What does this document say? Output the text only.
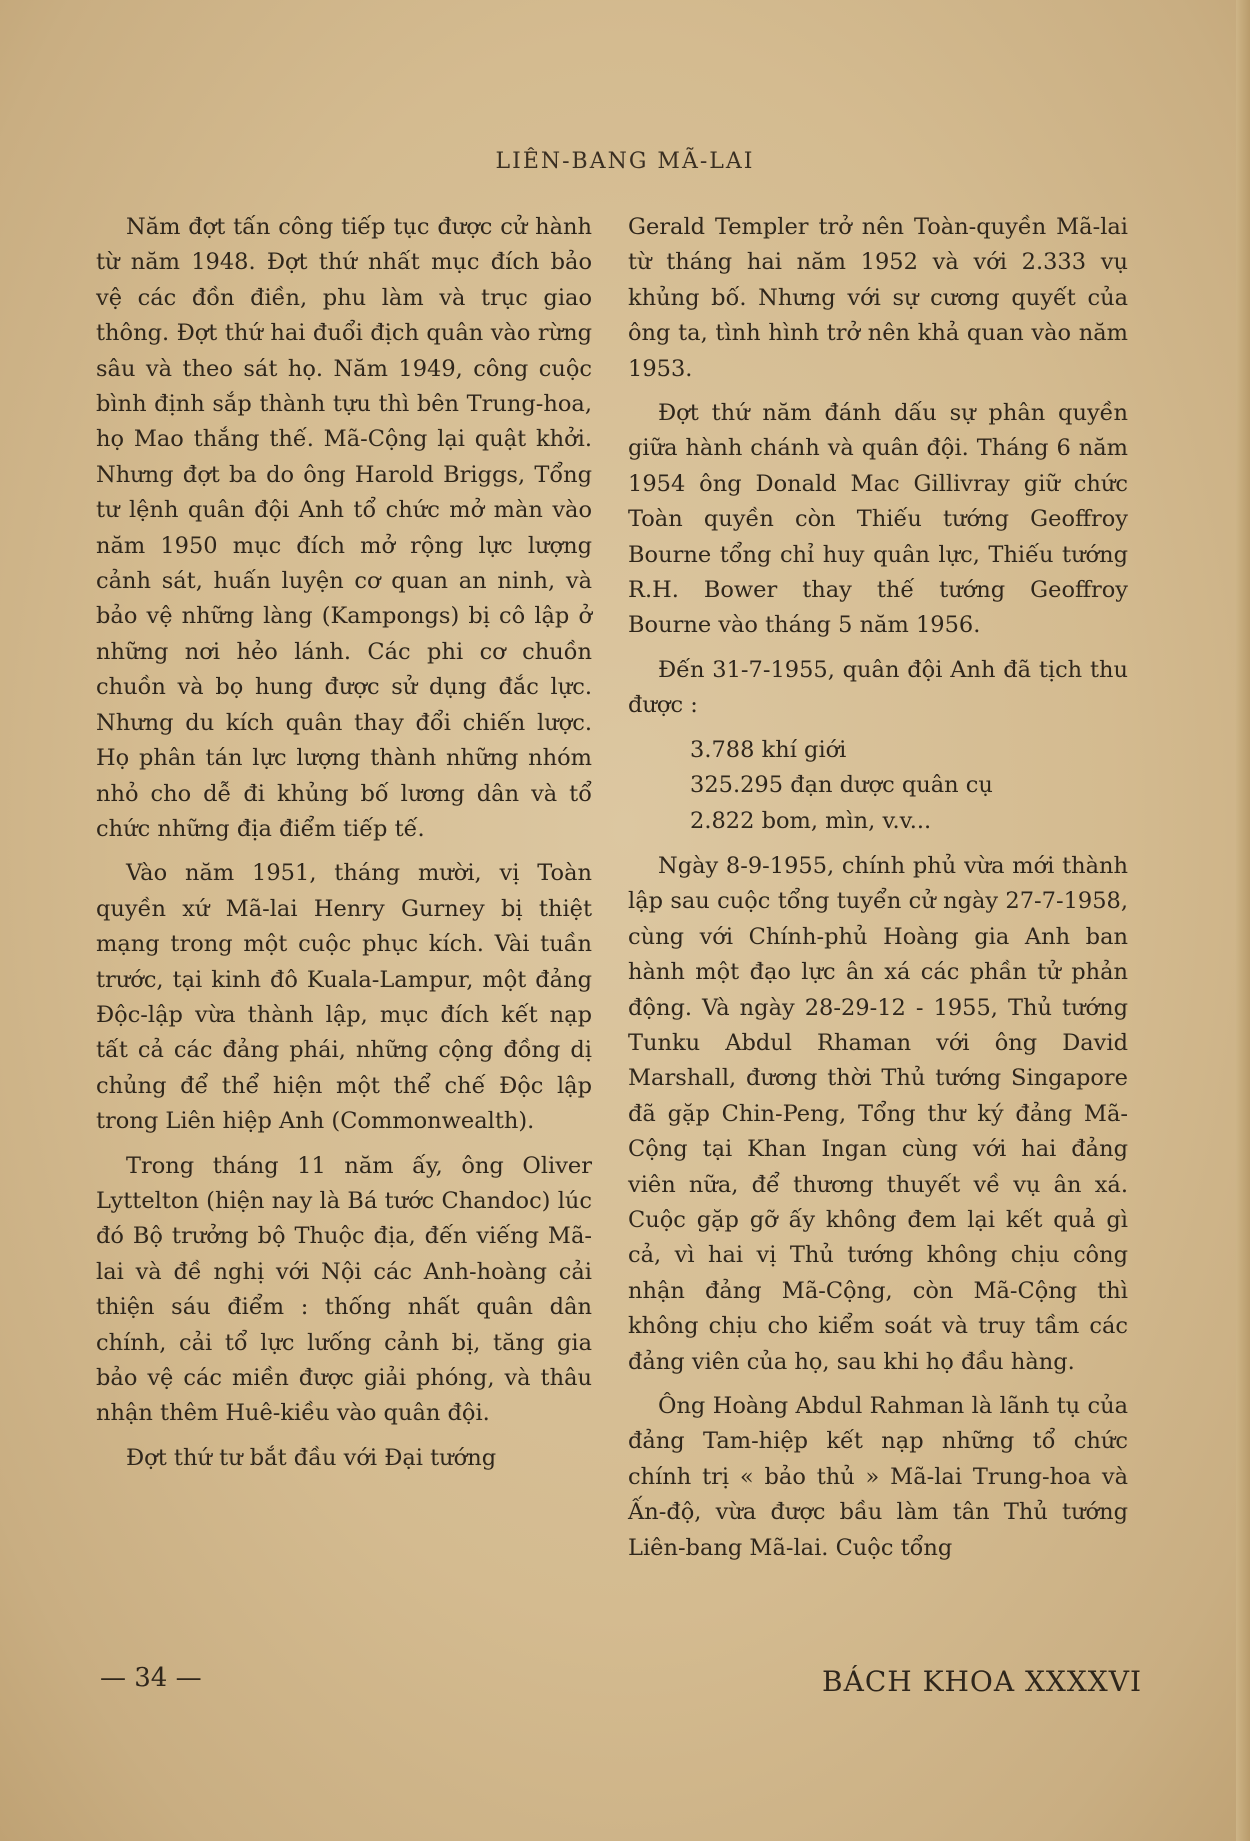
LIÊN-BANG MÃ-LAI

Năm đợt tấn công tiếp tục được cử hành từ năm 1948. Đợt thứ nhất mục đích bảo vệ các đồn điền, phu làm và trục giao thông. Đợt thứ hai đuổi địch quân vào rừng sâu và theo sát họ. Năm 1949, công cuộc bình định sắp thành tựu thì bên Trung-hoa, họ Mao thắng thế. Mã-Cộng lại quật khởi. Nhưng đợt ba do ông Harold Briggs, Tổng tư lệnh quân đội Anh tổ chức mở màn vào năm 1950 mục đích mở rộng lực lượng cảnh sát, huấn luyện cơ quan an ninh, và bảo vệ những làng (Kampongs) bị cô lập ở những nơi hẻo lánh. Các phi cơ chuồn chuồn và bọ hung được sử dụng đắc lực. Nhưng du kích quân thay đổi chiến lược. Họ phân tán lực lượng thành những nhóm nhỏ cho dễ đi khủng bố lương dân và tổ chức những địa điểm tiếp tế.

Vào năm 1951, tháng mười, vị Toàn quyền xứ Mã-lai Henry Gurney bị thiệt mạng trong một cuộc phục kích. Vài tuần trước, tại kinh đô Kuala-Lampur, một đảng Độc-lập vừa thành lập, mục đích kết nạp tất cả các đảng phái, những cộng đồng dị chủng để thể hiện một thể chế Độc lập trong Liên hiệp Anh (Commonwealth).

Trong tháng 11 năm ấy, ông Oliver Lyttelton (hiện nay là Bá tước Chandoc) lúc đó Bộ trưởng bộ Thuộc địa, đến viếng Mã-lai và đề nghị với Nội các Anh-hoàng cải thiện sáu điểm : thống nhất quân dân chính, cải tổ lực lưống cảnh bị, tăng gia bảo vệ các miền được giải phóng, và thâu nhận thêm Huê-kiều vào quân đội.

Đợt thứ tư bắt đầu với Đại tướng

Gerald Templer trở nên Toàn-quyền Mã-lai từ tháng hai năm 1952 và với 2.333 vụ khủng bố. Nhưng với sự cương quyết của ông ta, tình hình trở nên khả quan vào năm 1953.

Đợt thứ năm đánh dấu sự phân quyền giữa hành chánh và quân đội. Tháng 6 năm 1954 ông Donald Mac Gillivray giữ chức Toàn quyền còn Thiếu tướng Geoffroy Bourne tổng chỉ huy quân lực, Thiếu tướng R.H. Bower thay thế tướng Geoffroy Bourne vào tháng 5 năm 1956.

Đến 31-7-1955, quân đội Anh đã tịch thu được :

3.788 khí giới
325.295 đạn dược quân cụ
2.822 bom, mìn, v.v...

Ngày 8-9-1955, chính phủ vừa mới thành lập sau cuộc tổng tuyển cử ngày 27-7-1958, cùng với Chính-phủ Hoàng gia Anh ban hành một đạo lực ân xá các phần tử phản động. Và ngày 28-29-12 - 1955, Thủ tướng Tunku Abdul Rhaman với ông David Marshall, đương thời Thủ tướng Singapore đã gặp Chin-Peng, Tổng thư ký đảng Mã-Cộng tại Khan Ingan cùng với hai đảng viên nữa, để thương thuyết về vụ ân xá. Cuộc gặp gỡ ấy không đem lại kết quả gì cả, vì hai vị Thủ tướng không chịu công nhận đảng Mã-Cộng, còn Mã-Cộng thì không chịu cho kiểm soát và truy tầm các đảng viên của họ, sau khi họ đầu hàng.

Ông Hoàng Abdul Rahman là lãnh tụ của đảng Tam-hiệp kết nạp những tổ chức chính trị « bảo thủ » Mã-lai Trung-hoa và Ấn-độ, vừa được bầu làm tân Thủ tướng Liên-bang Mã-lai. Cuộc tổng

— 34 —	BÁCH KHOA XXXXVI
